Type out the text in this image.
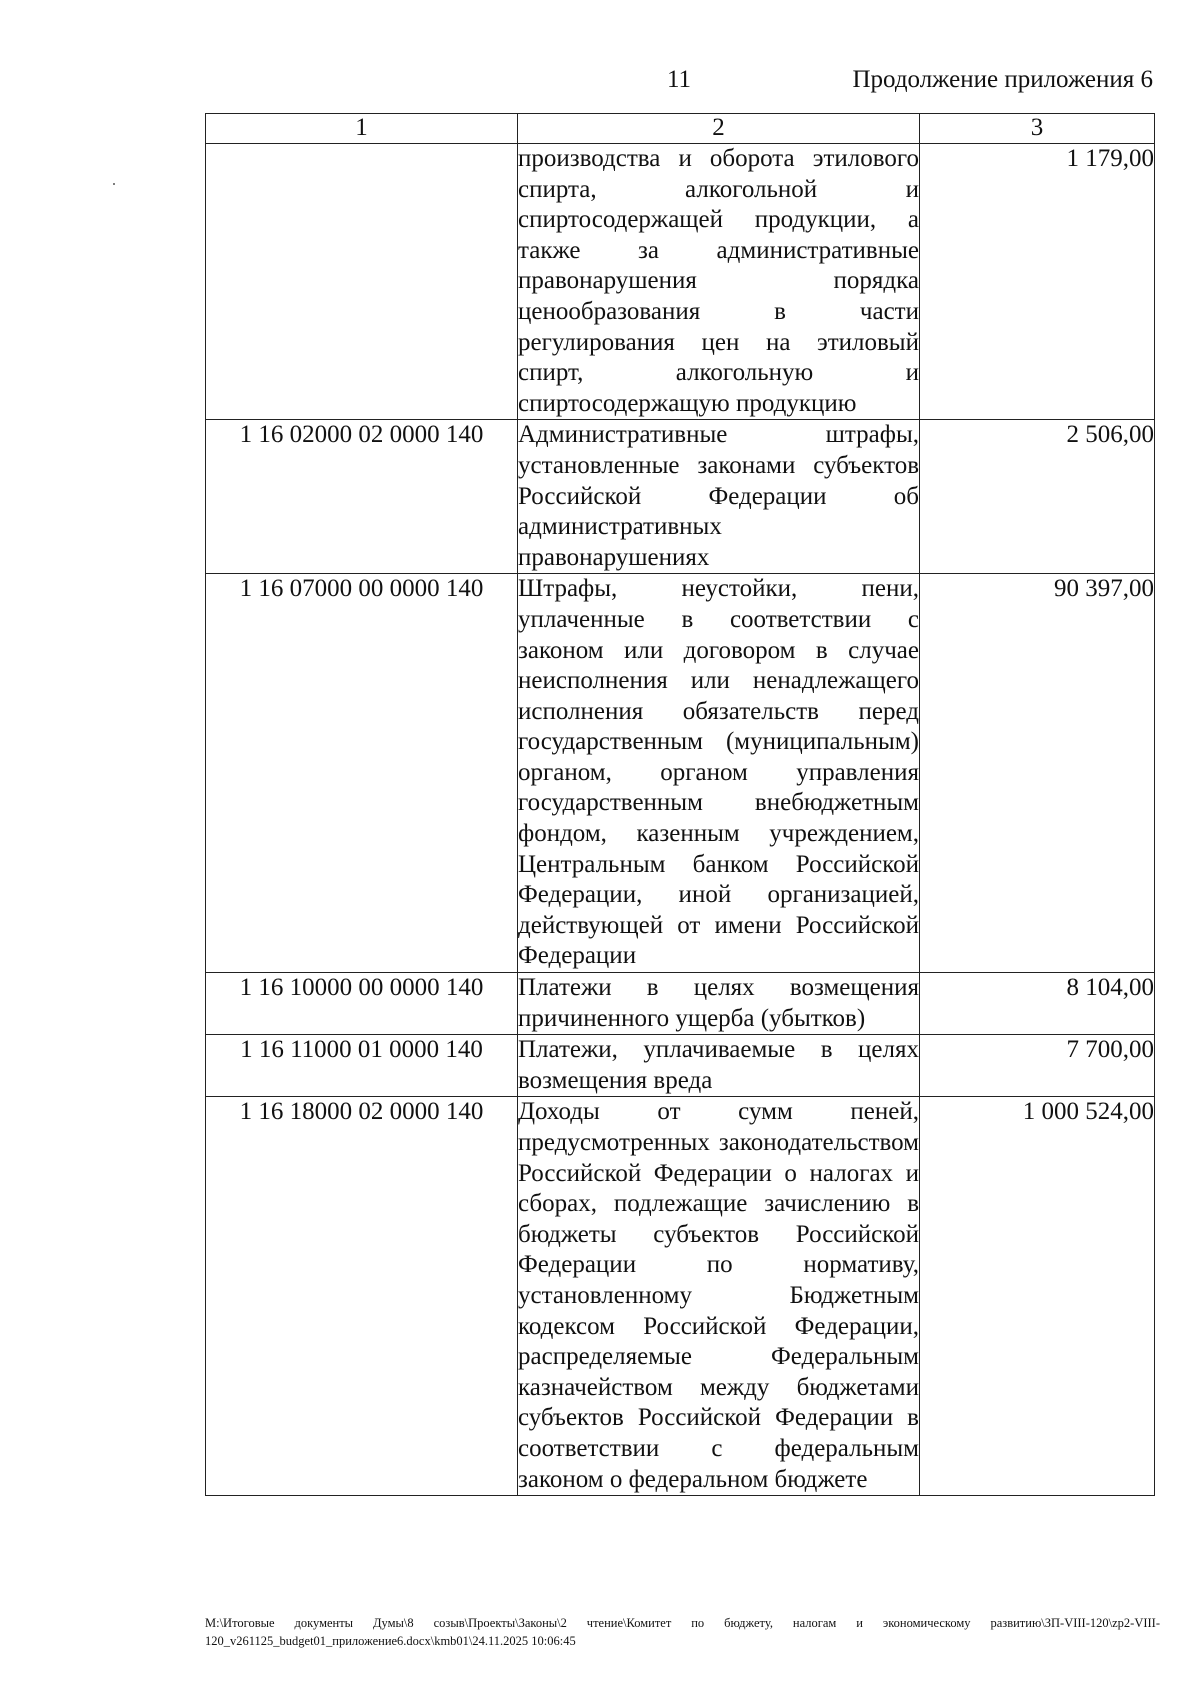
11	Продолжение приложения 6
1	2	3

	производства и оборота этилового спирта, алкогольной и спиртосодержащей продукции, а также за административные правонарушения порядка ценообразования в части регулирования цен на этиловый спирт, алкогольную и спиртосодержащую продукцию	1 179,00
1 16 02000 02 0000 140	Административные штрафы, установленные законами субъектов Российской Федерации об административных правонарушениях	2 506,00
1 16 07000 00 0000 140	Штрафы, неустойки, пени, уплаченные в соответствии с законом или договором в случае неисполнения или ненадлежащего исполнения обязательств перед государственным (муниципальным) органом, органом управления государственным внебюджетным фондом, казенным учреждением, Центральным банком Российской Федерации, иной организацией, действующей от имени Российской Федерации	90 397,00
1 16 10000 00 0000 140	Платежи в целях возмещения причиненного ущерба (убытков)	8 104,00
1 16 11000 01 0000 140	Платежи, уплачиваемые в целях возмещения вреда	7 700,00
1 16 18000 02 0000 140	Доходы от сумм пеней, предусмотренных законодательством Российской Федерации о налогах и сборах, подлежащие зачислению в бюджеты субъектов Российской Федерации по нормативу, установленному Бюджетным кодексом Российской Федерации, распределяемые Федеральным казначейством между бюджетами субъектов Российской Федерации в соответствии с федеральным законом о федеральном бюджете	1 000 524,00
M:\Итоговые документы Думы\8 созыв\Проекты\Законы\2 чтение\Комитет по бюджету, налогам и экономическому развитию\ЗП-VIII-120\zp2-VIII-120_v261125_budget01_приложение6.docx\kmb01\24.11.2025 10:06:45
